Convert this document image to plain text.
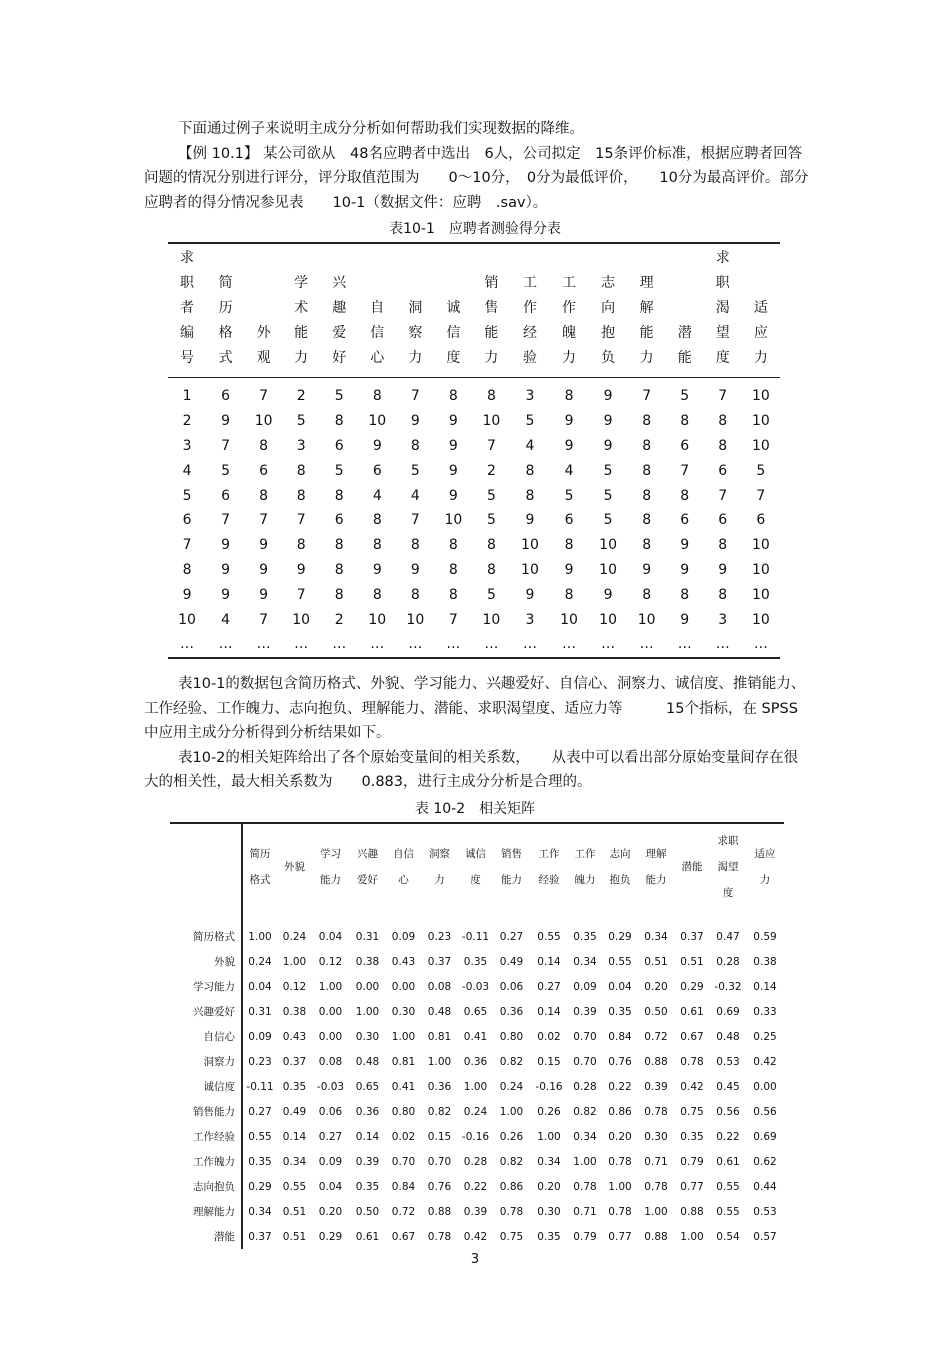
下面通过例子来说明主成分分析如何帮助我们实现数据的降维。

【例 10.1】 某公司欲从　48名应聘者中选出　6人，公司拟定　15条评价标准，根据应聘者回答问题的情况分别进行评分，评分取值范围为　　0～10分，　0分为最低评价，　　10分为最高评价。部分应聘者的得分情况参见表　　10-1（数据文件：应聘　.sav）。

表10-1　应聘者测验得分表
求职者编号	简历格式	外观	学术能力	兴趣爱好	自信心	洞察力	诚信度	销售能力	工作经验	工作魄力	志向抱负	理解能力	潜能	求职渴望度	适应力
1	6	7	2	5	8	7	8	8	3	8	9	7	5	7	10
2	9	10	5	8	10	9	9	10	5	9	9	8	8	8	10
3	7	8	3	6	9	8	9	7	4	9	9	8	6	8	10
4	5	6	8	5	6	5	9	2	8	4	5	8	7	6	5
5	6	8	8	8	4	4	9	5	8	5	5	8	8	7	7
6	7	7	7	6	8	7	10	5	9	6	5	8	6	6	6
7	9	9	8	8	8	8	8	8	10	8	10	8	9	8	10
8	9	9	9	8	9	9	8	8	10	9	10	9	9	9	10
9	9	9	7	8	8	8	8	5	9	8	9	8	8	8	10
10	4	7	10	2	10	10	7	10	3	10	10	10	9	3	10
…	…	…	…	…	…	…	…	…	…	…	…	…	…	…	…

表10-1的数据包含简历格式、外貌、学习能力、兴趣爱好、自信心、洞察力、诚信度、推销能力、工作经验、工作魄力、志向抱负、理解能力、潜能、求职渴望度、适应力等　　　15个指标，在 SPSS中应用主成分分析得到分析结果如下。

表10-2的相关矩阵给出了各个原始变量间的相关系数，　　从表中可以看出部分原始变量间存在很大的相关性，最大相关系数为　　0.883，进行主成分分析是合理的。

表 10-2　相关矩阵
	简历格式	外貌	学习能力	兴趣爱好	自信心	洞察力	诚信度	销售能力	工作经验	工作魄力	志向抱负	理解能力	潜能	求职渴望度	适应力
简历格式	1.00	0.24	0.04	0.31	0.09	0.23	-0.11	0.27	0.55	0.35	0.29	0.34	0.37	0.47	0.59
外貌	0.24	1.00	0.12	0.38	0.43	0.37	0.35	0.49	0.14	0.34	0.55	0.51	0.51	0.28	0.38
学习能力	0.04	0.12	1.00	0.00	0.00	0.08	-0.03	0.06	0.27	0.09	0.04	0.20	0.29	-0.32	0.14
兴趣爱好	0.31	0.38	0.00	1.00	0.30	0.48	0.65	0.36	0.14	0.39	0.35	0.50	0.61	0.69	0.33
自信心	0.09	0.43	0.00	0.30	1.00	0.81	0.41	0.80	0.02	0.70	0.84	0.72	0.67	0.48	0.25
洞察力	0.23	0.37	0.08	0.48	0.81	1.00	0.36	0.82	0.15	0.70	0.76	0.88	0.78	0.53	0.42
诚信度	-0.11	0.35	-0.03	0.65	0.41	0.36	1.00	0.24	-0.16	0.28	0.22	0.39	0.42	0.45	0.00
销售能力	0.27	0.49	0.06	0.36	0.80	0.82	0.24	1.00	0.26	0.82	0.86	0.78	0.75	0.56	0.56
工作经验	0.55	0.14	0.27	0.14	0.02	0.15	-0.16	0.26	1.00	0.34	0.20	0.30	0.35	0.22	0.69
工作魄力	0.35	0.34	0.09	0.39	0.70	0.70	0.28	0.82	0.34	1.00	0.78	0.71	0.79	0.61	0.62
志向抱负	0.29	0.55	0.04	0.35	0.84	0.76	0.22	0.86	0.20	0.78	1.00	0.78	0.77	0.55	0.44
理解能力	0.34	0.51	0.20	0.50	0.72	0.88	0.39	0.78	0.30	0.71	0.78	1.00	0.88	0.55	0.53
潜能	0.37	0.51	0.29	0.61	0.67	0.78	0.42	0.75	0.35	0.79	0.77	0.88	1.00	0.54	0.57
3
